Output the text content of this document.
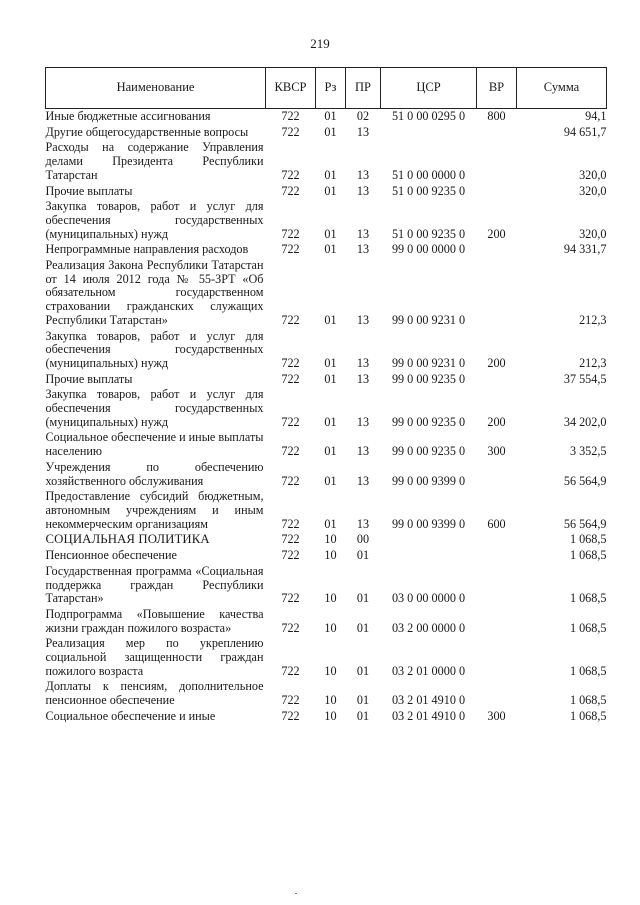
219
Наименование	КВСР	Рз	ПР	ЦСР	ВР	Сумма
Иные бюджетные ассигнования	722	01	02	51 0 00 0295 0	800	94,1
Другие общегосударственные вопросы	722	01	13			94 651,7
Расходы на содержание Управления делами Президента Республики Татарстан	722	01	13	51 0 00 0000 0		320,0
Прочие выплаты	722	01	13	51 0 00 9235 0		320,0
Закупка товаров, работ и услуг для обеспечения государственных (муниципальных) нужд	722	01	13	51 0 00 9235 0	200	320,0
Непрограммные направления расходов	722	01	13	99 0 00 0000 0		94 331,7
Реализация Закона Республики Татарстан от 14 июля 2012 года № 55-ЗРТ «Об обязательном государственном страховании гражданских служащих Республики Татарстан»	722	01	13	99 0 00 9231 0		212,3
Закупка товаров, работ и услуг для обеспечения государственных (муниципальных) нужд	722	01	13	99 0 00 9231 0	200	212,3
Прочие выплаты	722	01	13	99 0 00 9235 0		37 554,5
Закупка товаров, работ и услуг для обеспечения государственных (муниципальных) нужд	722	01	13	99 0 00 9235 0	200	34 202,0
Социальное обеспечение и иные выплаты населению	722	01	13	99 0 00 9235 0	300	3 352,5
Учреждения по обеспечению хозяйственного обслуживания	722	01	13	99 0 00 9399 0		56 564,9
Предоставление субсидий бюджетным, автономным учреждениям и иным некоммерческим организациям	722	01	13	99 0 00 9399 0	600	56 564,9
СОЦИАЛЬНАЯ ПОЛИТИКА	722	10	00			1 068,5
Пенсионное обеспечение	722	10	01			1 068,5
Государственная программа «Социальная поддержка граждан Республики Татарстан»	722	10	01	03 0 00 0000 0		1 068,5
Подпрограмма «Повышение качества жизни граждан пожилого возраста»	722	10	01	03 2 00 0000 0		1 068,5
Реализация мер по укреплению социальной защищенности граждан пожилого возраста	722	10	01	03 2 01 0000 0		1 068,5
Доплаты к пенсиям, дополнительное пенсионное обеспечение	722	10	01	03 2 01 4910 0		1 068,5
Социальное обеспечение и иные	722	10	01	03 2 01 4910 0	300	1 068,5
